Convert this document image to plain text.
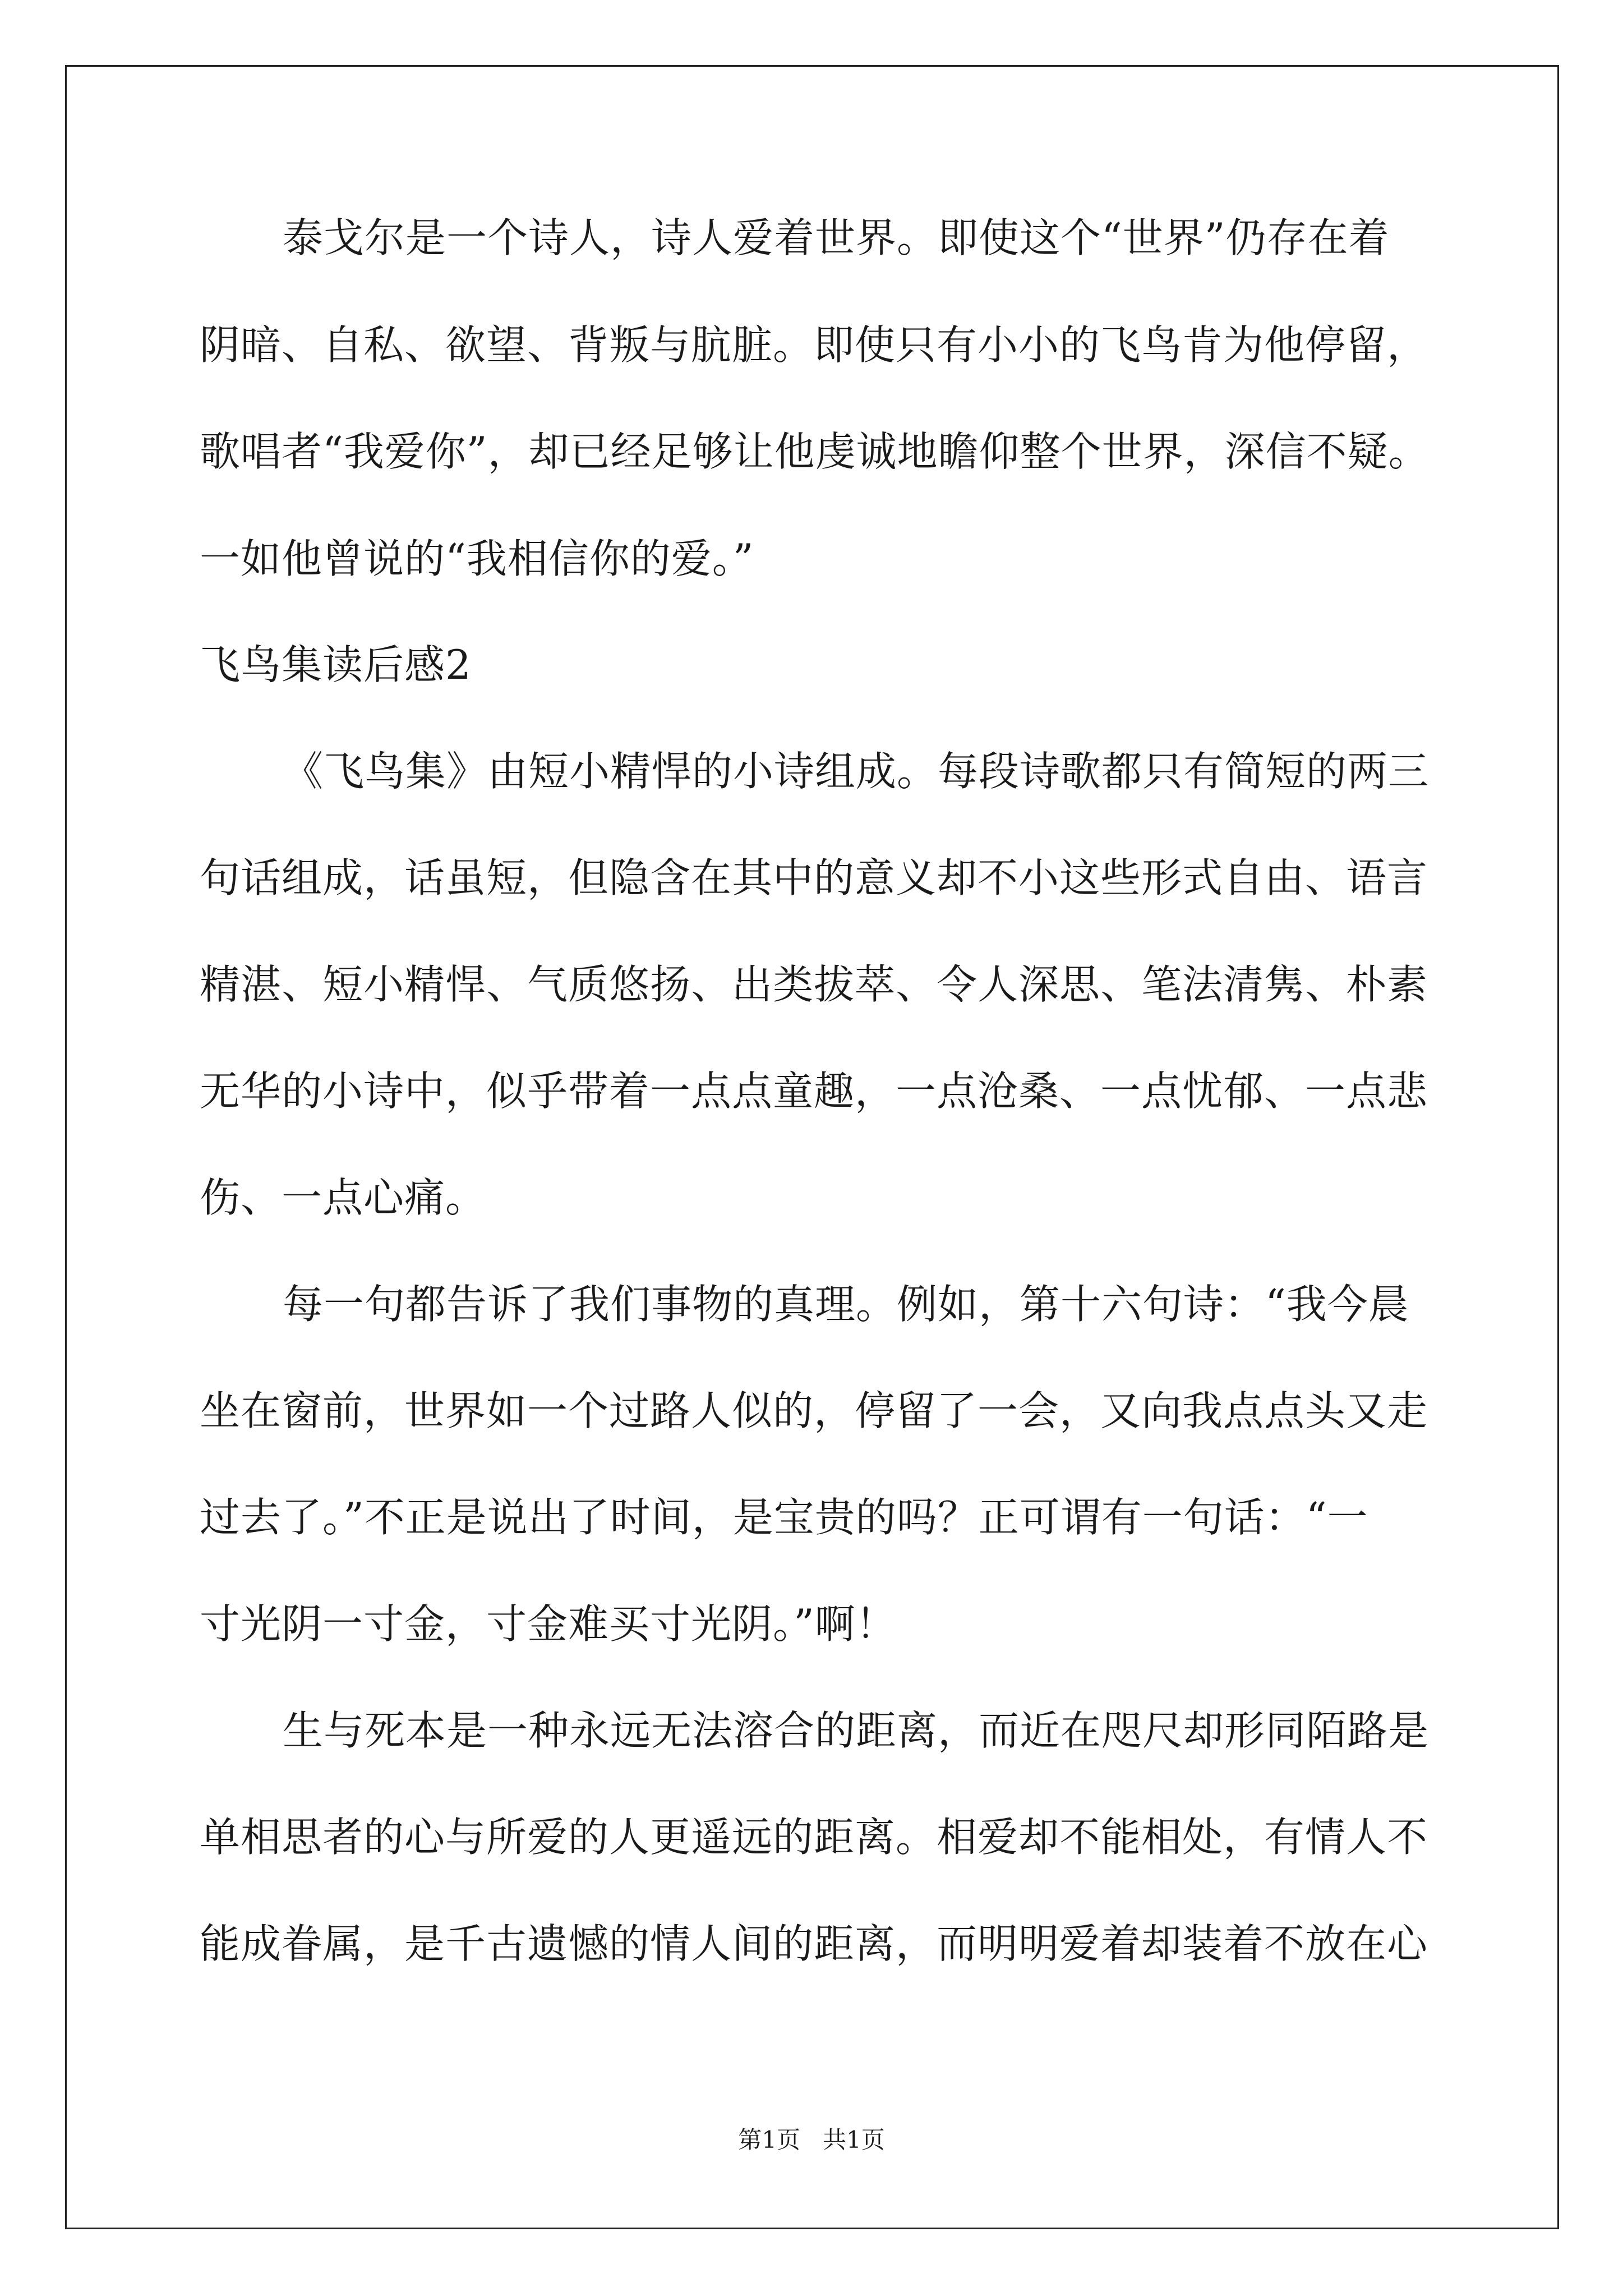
泰戈尔是一个诗人，诗人爱着世界。即使这个“世界”仍存在着
阴暗、自私、欲望、背叛与肮脏。即使只有小小的飞鸟肯为他停留，
歌唱者“我爱你”，却已经足够让他虔诚地瞻仰整个世界，深信不疑。
一如他曾说的“我相信你的爱。”
飞鸟集读后感2
《飞鸟集》由短小精悍的小诗组成。每段诗歌都只有简短的两三
句话组成，话虽短，但隐含在其中的意义却不小这些形式自由、语言
精湛、短小精悍、气质悠扬、出类拔萃、令人深思、笔法清隽、朴素
无华的小诗中，似乎带着一点点童趣，一点沧桑、一点忧郁、一点悲
伤、一点心痛。
每一句都告诉了我们事物的真理。例如，第十六句诗：“我今晨
坐在窗前，世界如一个过路人似的，停留了一会，又向我点点头又走
过去了。”不正是说出了时间，是宝贵的吗？正可谓有一句话：“一
寸光阴一寸金，寸金难买寸光阴。”啊！
生与死本是一种永远无法溶合的距离，而近在咫尺却形同陌路是
单相思者的心与所爱的人更遥远的距离。相爱却不能相处，有情人不
能成眷属，是千古遗憾的情人间的距离，而明明爱着却装着不放在心
第1页   共1页
